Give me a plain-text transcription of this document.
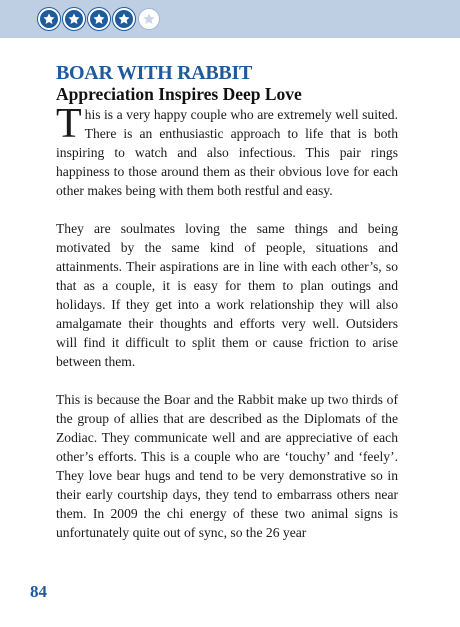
BOAR WITH RABBIT
Appreciation Inspires Deep Love

This is a very happy couple who are extremely well suited. There is an enthusiastic approach to life that is both inspiring to watch and also infectious. This pair rings happiness to those around them as their obvious love for each other makes being with them both restful and easy.

They are soulmates loving the same things and being motivated by the same kind of people, situations and attainments. Their aspirations are in line with each other’s, so that as a couple, it is easy for them to plan outings and holidays. If they get into a work relationship they will also amalgamate their thoughts and efforts very well. Outsiders will find it difficult to split them or cause friction to arise between them.

This is because the Boar and the Rabbit make up two thirds of the group of allies that are described as the Diplomats of the Zodiac. They communicate well and are appreciative of each other’s efforts. This is a couple who are ‘touchy’ and ‘feely’. They love bear hugs and tend to be very demonstrative so in their early courtship days, they tend to embarrass others near them. In 2009 the chi energy of these two animal signs is unfortunately quite out of sync, so the 26 year

84
